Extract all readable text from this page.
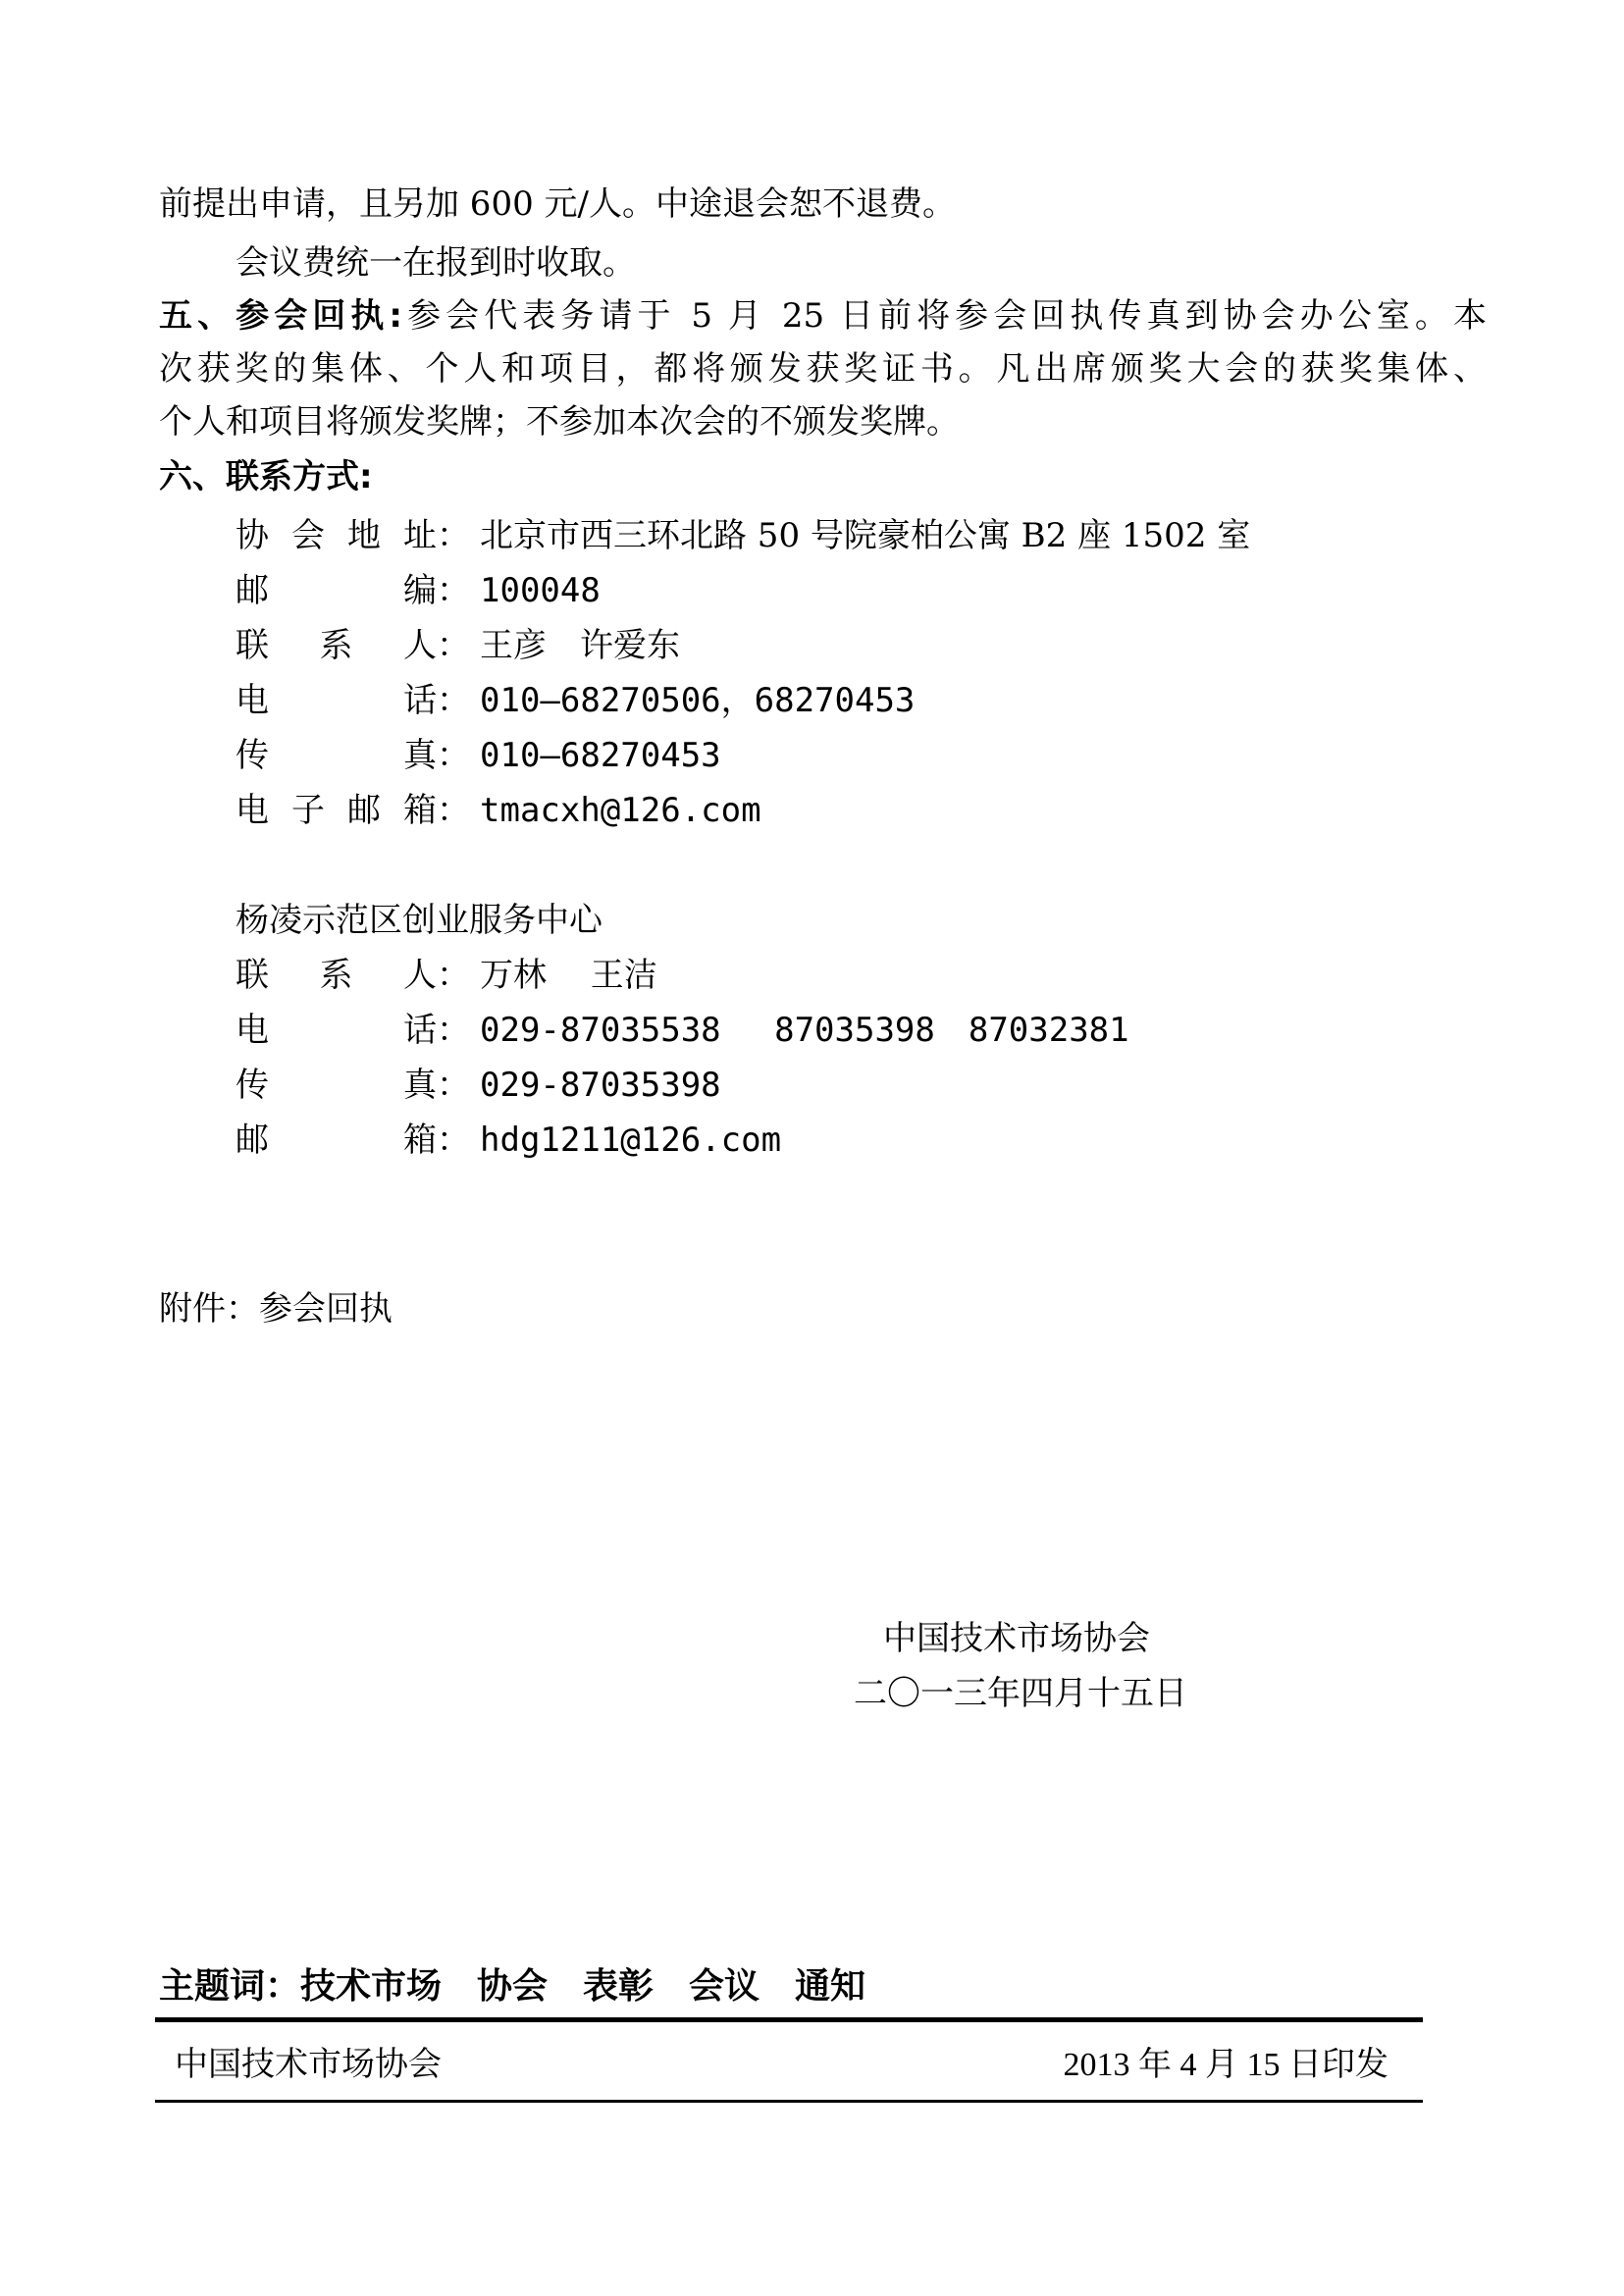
前提出申请，且另加 600 元/人。中途退会恕不退费。
会议费统一在报到时收取。
五、参会回执:参会代表务请于 5 月 25 日前将参会回执传真到协会办公室。本
次获奖的集体、个人和项目，都将颁发获奖证书。凡出席颁奖大会的获奖集体、
个人和项目将颁发奖牌；不参加本次会的不颁发奖牌。
六、联系方式:
协会地址： 北京市西三环北路 50 号院豪柏公寓 B2 座 1502 室
邮编： 100048
联系人： 王彦　许爱东
电话： 010—68270506，68270453
传真： 010—68270453
电子邮箱： tmacxh@126.com
杨凌示范区创业服务中心
联系人： 万林　 王洁
电话： 029-87035538　 87035398　87032381
传真： 029-87035398
邮箱： hdg1211@126.com
附件：参会回执
中国技术市场协会
二〇一三年四月十五日
主题词：技术市场　协会　表彰　会议　通知
中国技术市场协会	2013 年 4 月 15 日印发
